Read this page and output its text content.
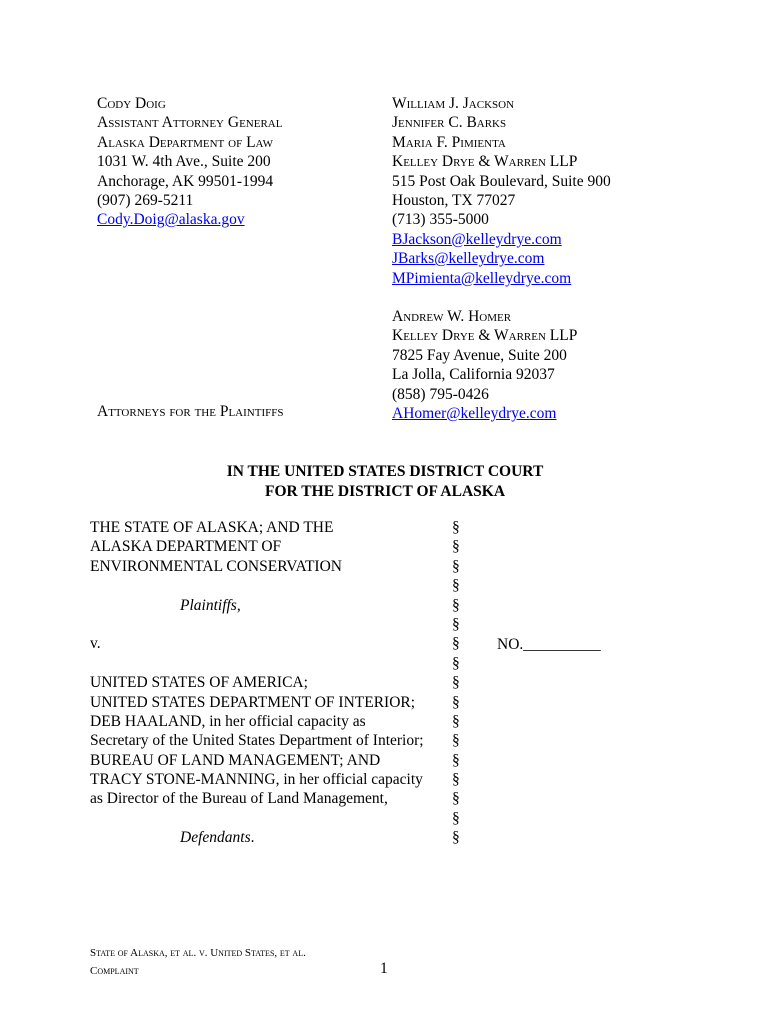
Cody Doig
Assistant Attorney General
Alaska Department of Law
1031 W. 4th Ave., Suite 200
Anchorage, AK 99501-1994
(907) 269-5211
Cody.Doig@alaska.gov
William J. Jackson
Jennifer C. Barks
Maria F. Pimienta
Kelley Drye & Warren LLP
515 Post Oak Boulevard, Suite 900
Houston, TX 77027
(713) 355-5000
BJackson@kelleydrye.com
JBarks@kelleydrye.com
MPimienta@kelleydrye.com
Andrew W. Homer
Kelley Drye & Warren LLP
7825 Fay Avenue, Suite 200
La Jolla, California 92037
(858) 795-0426
AHomer@kelleydrye.com
Attorneys for the Plaintiffs
IN THE UNITED STATES DISTRICT COURT
FOR THE DISTRICT OF ALASKA
THE STATE OF ALASKA; AND THE
ALASKA DEPARTMENT OF
ENVIRONMENTAL CONSERVATION
Plaintiffs,
v.
UNITED STATES OF AMERICA;
UNITED STATES DEPARTMENT OF INTERIOR;
DEB HAALAND, in her official capacity as
Secretary of the United States Department of Interior;
BUREAU OF LAND MANAGEMENT; AND
TRACY STONE-MANNING, in her official capacity
as Director of the Bureau of Land Management,
Defendants.
§
§
§
§
§
§
§
§
§
§
§
§
§
§
§
§
§
NO.__________
State of Alaska, et al. v. United States, et al.
Complaint	1
